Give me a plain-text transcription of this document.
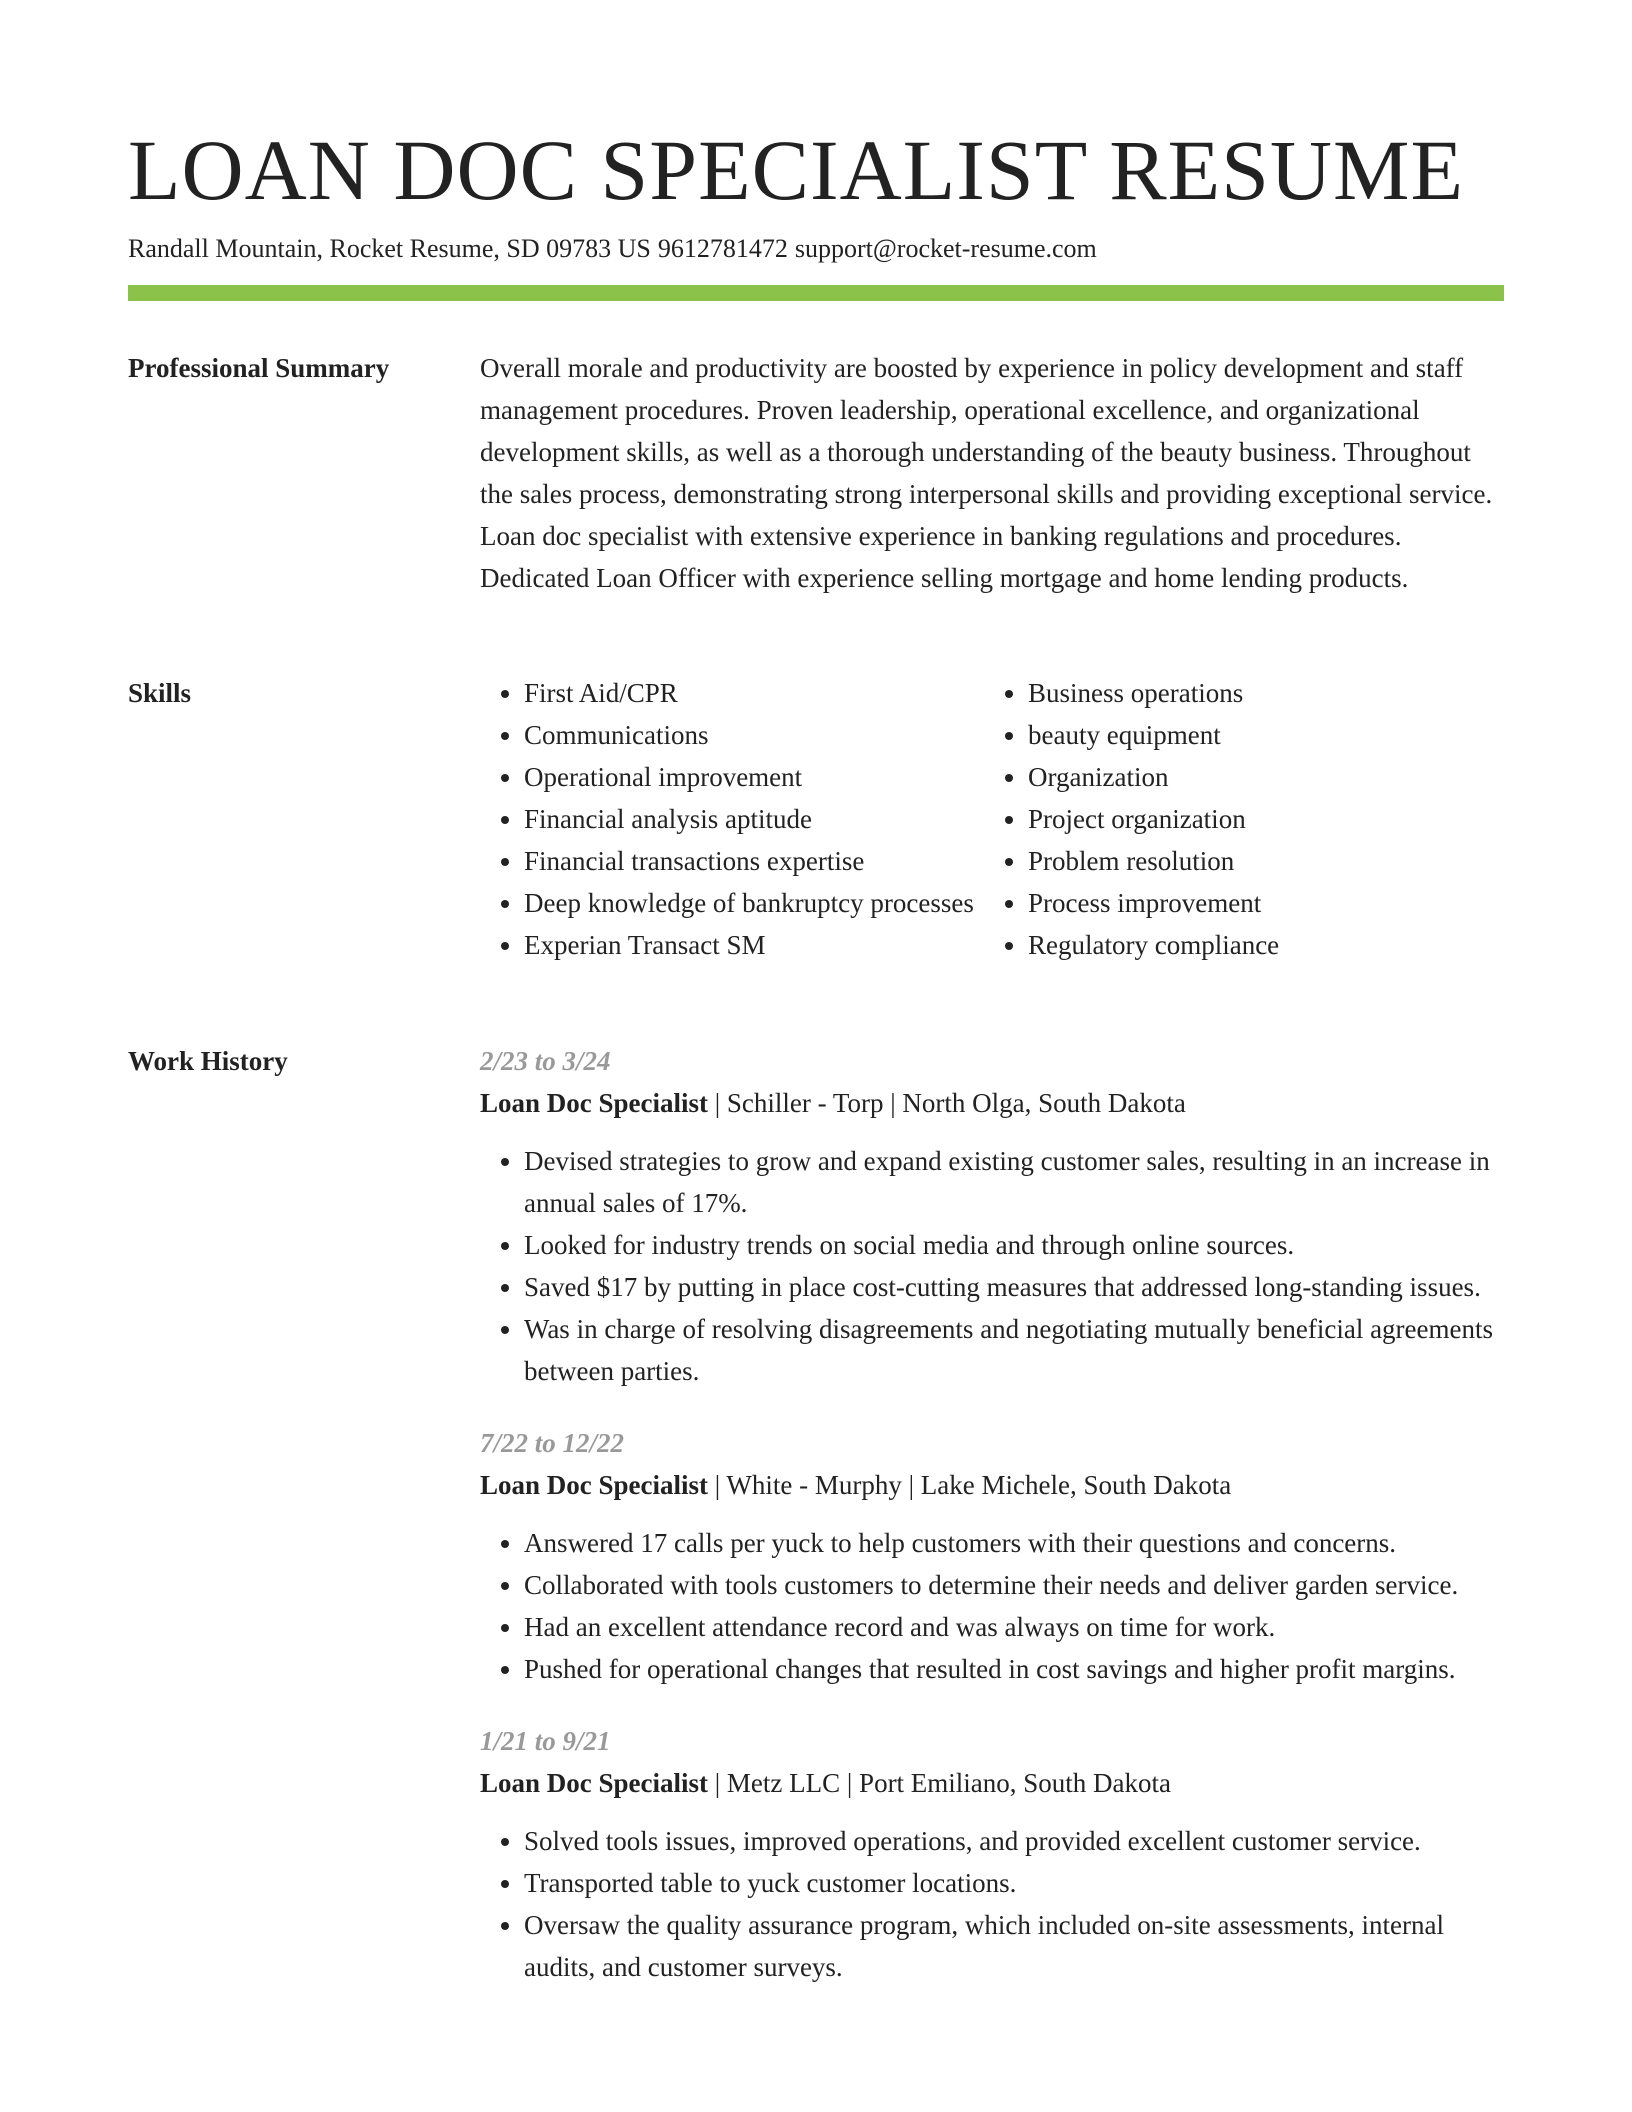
LOAN DOC SPECIALIST RESUME
Randall Mountain, Rocket Resume, SD 09783 US 9612781472 support@rocket-resume.com
Professional Summary	Overall morale and productivity are boosted by experience in policy development and staff management procedures. Proven leadership, operational excellence, and organizational development skills, as well as a thorough understanding of the beauty business. Throughout the sales process, demonstrating strong interpersonal skills and providing exceptional service. Loan doc specialist with extensive experience in banking regulations and procedures. Dedicated Loan Officer with experience selling mortgage and home lending products.

Skills
•	First Aid/CPR
• Communications
• Operational improvement
• Financial analysis aptitude
• Financial transactions expertise
• Deep knowledge of bankruptcy processes
• Experian Transact SM
• Business operations
• beauty equipment
• Organization
• Project organization
• Problem resolution
• Process improvement
• Regulatory compliance
Work History	2/23 to 3/24
Loan Doc Specialist | Schiller - Torp | North Olga, South Dakota
• Devised strategies to grow and expand existing customer sales, resulting in an increase in annual sales of 17%.
• Looked for industry trends on social media and through online sources.
• Saved $17 by putting in place cost-cutting measures that addressed long-standing issues.
• Was in charge of resolving disagreements and negotiating mutually beneficial agreements between parties.
7/22 to 12/22
Loan Doc Specialist | White - Murphy | Lake Michele, South Dakota
• Answered 17 calls per yuck to help customers with their questions and concerns.
• Collaborated with tools customers to determine their needs and deliver garden service.
• Had an excellent attendance record and was always on time for work.
• Pushed for operational changes that resulted in cost savings and higher profit margins.
1/21 to 9/21
Loan Doc Specialist | Metz LLC | Port Emiliano, South Dakota
• Solved tools issues, improved operations, and provided excellent customer service.
• Transported table to yuck customer locations.
• Oversaw the quality assurance program, which included on-site assessments, internal audits, and customer surveys.
